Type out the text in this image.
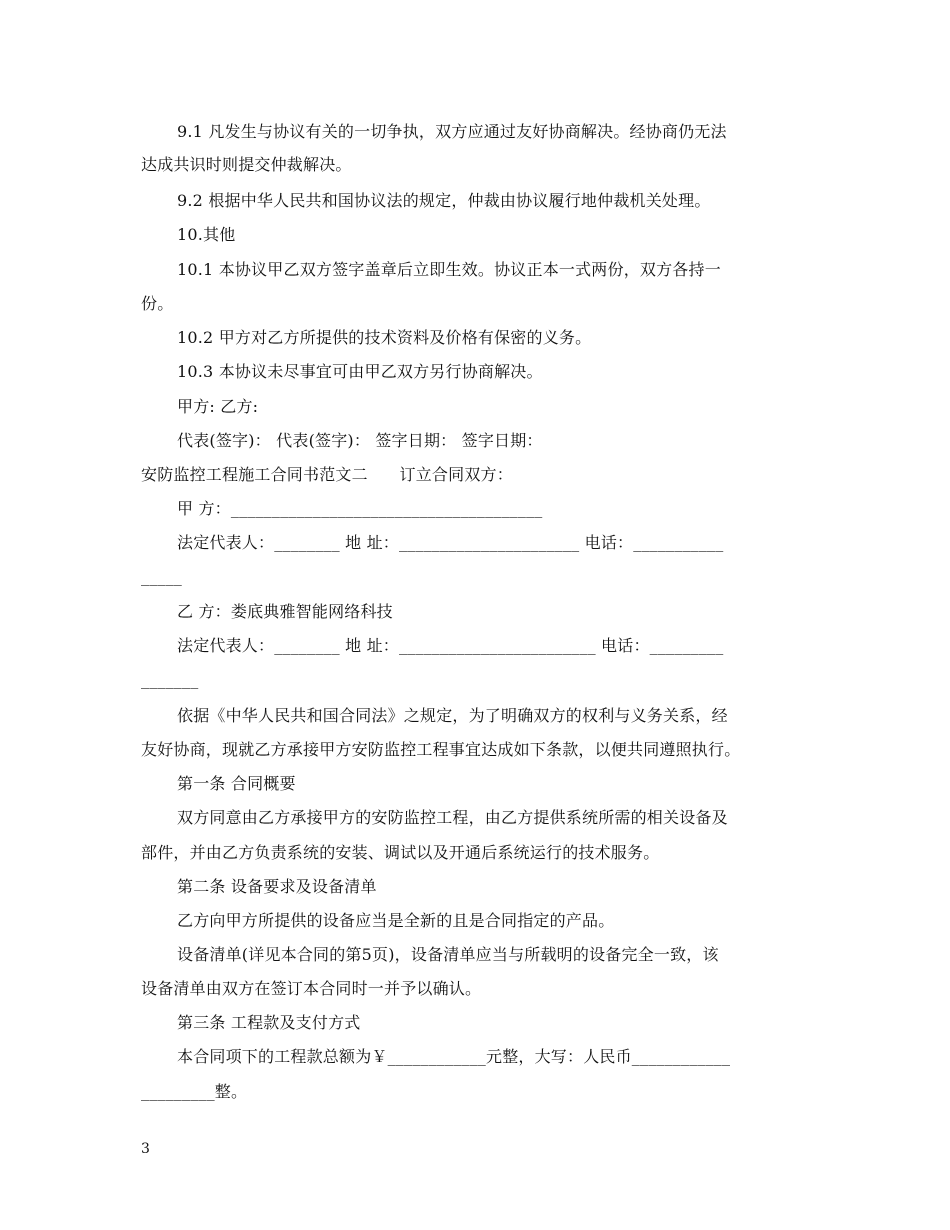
9.1 凡发生与协议有关的一切争执，双方应通过友好协商解决。经协商仍无法
达成共识时则提交仲裁解决。
9.2 根据中华人民共和国协议法的规定，仲裁由协议履行地仲裁机关处理。
10.其他
10.1 本协议甲乙双方签字盖章后立即生效。协议正本一式两份，双方各持一
份。
10.2 甲方对乙方所提供的技术资料及价格有保密的义务。
10.3 本协议未尽事宜可由甲乙双方另行协商解决。
甲方: 乙方:
代表(签字)： 代表(签字)： 签字日期： 签字日期：
安防监控工程施工合同书范文二      订立合同双方：
甲 方：______________________________________
法定代表人：________ 地 址：______________________ 电话：___________
_____
乙 方：娄底典雅智能网络科技
法定代表人：________ 地 址：________________________ 电话：_________
_______
依据《中华人民共和国合同法》之规定，为了明确双方的权利与义务关系，经
友好协商，现就乙方承接甲方安防监控工程事宜达成如下条款，以便共同遵照执行。
第一条 合同概要
双方同意由乙方承接甲方的安防监控工程，由乙方提供系统所需的相关设备及
部件，并由乙方负责系统的安装、调试以及开通后系统运行的技术服务。
第二条 设备要求及设备清单
乙方向甲方所提供的设备应当是全新的且是合同指定的产品。
设备清单(详见本合同的第5页)，设备清单应当与所载明的设备完全一致，该
设备清单由双方在签订本合同时一并予以确认。
第三条 工程款及支付方式
本合同项下的工程款总额为￥____________元整，大写：人民币____________
_________整。
3
